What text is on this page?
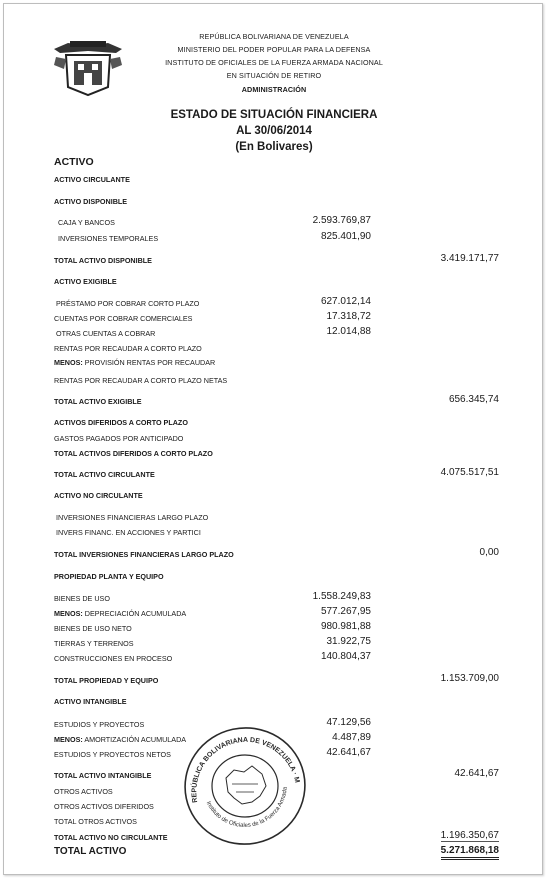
REPÚBLICA BOLIVARIANA DE VENEZUELA
MINISTERIO DEL PODER POPULAR PARA LA DEFENSA
INSTITUTO DE OFICIALES DE LA FUERZA ARMADA NACIONAL
EN SITUACIÓN DE RETIRO
ADMINISTRACIÓN
ESTADO DE SITUACIÓN FINANCIERA
AL 30/06/2014
(En Bolivares)
ACTIVO
ACTIVO CIRCULANTE
ACTIVO DISPONIBLE
CAJA Y BANCOS	2.593.769,87
INVERSIONES TEMPORALES	825.401,90
TOTAL ACTIVO DISPONIBLE	3.419.171,77
ACTIVO EXIGIBLE
PRÉSTAMO POR COBRAR CORTO PLAZO	627.012,14
CUENTAS POR COBRAR COMERCIALES	17.318,72
OTRAS CUENTAS A COBRAR	12.014,88
RENTAS POR RECAUDAR A CORTO PLAZO
MENOS: PROVISIÓN RENTAS POR RECAUDAR
RENTAS POR RECAUDAR A CORTO PLAZO NETAS
TOTAL ACTIVO EXIGIBLE	656.345,74
ACTIVOS DIFERIDOS A CORTO PLAZO
GASTOS PAGADOS POR ANTICIPADO
TOTAL ACTIVOS DIFERIDOS A CORTO PLAZO
TOTAL ACTIVO CIRCULANTE	4.075.517,51
ACTIVO NO CIRCULANTE
INVERSIONES FINANCIERAS LARGO PLAZO
INVERS FINANC. EN ACCIONES Y PARTICI
TOTAL INVERSIONES FINANCIERAS LARGO PLAZO	0,00
PROPIEDAD PLANTA Y EQUIPO
BIENES DE USO	1.558.249,83
MENOS: DEPRECIACIÓN ACUMULADA	577.267,95
BIENES DE USO NETO	980.981,88
TIERRAS Y TERRENOS	31.922,75
CONSTRUCCIONES EN PROCESO	140.804,37
TOTAL PROPIEDAD Y EQUIPO	1.153.709,00
ACTIVO INTANGIBLE
ESTUDIOS Y PROYECTOS	47.129,56
MENOS: AMORTIZACIÓN ACUMULADA	4.487,89
ESTUDIOS Y PROYECTOS NETOS	42.641,67
TOTAL ACTIVO INTANGIBLE	42.641,67
OTROS ACTIVOS
OTROS ACTIVOS DIFERIDOS
TOTAL OTROS ACTIVOS
TOTAL ACTIVO NO CIRCULANTE	1.196.350,67
TOTAL ACTIVO	5.271.868,18
REPÚBLICA BOLIVARIANA DE VENEZUELA · Ministerio
Instituto de Oficiales de la Fuerza Armada
